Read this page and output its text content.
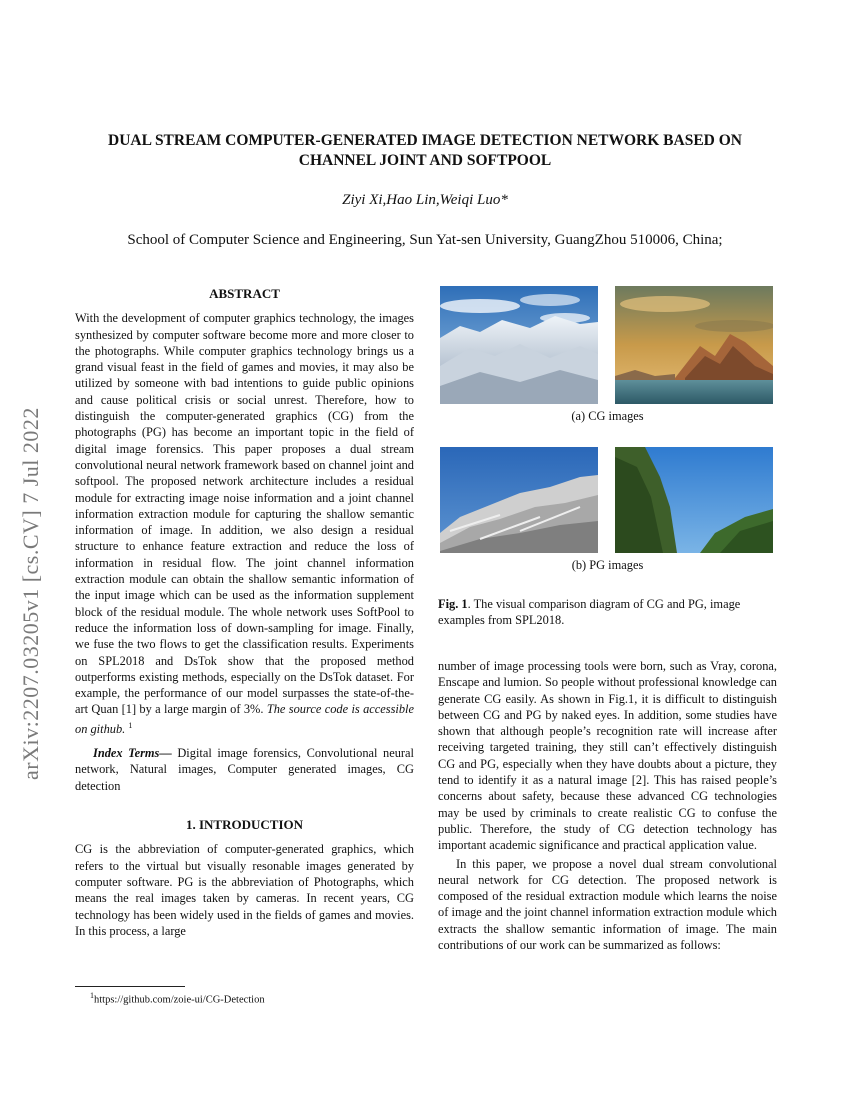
arXiv:2207.03205v1 [cs.CV] 7 Jul 2022
DUAL STREAM COMPUTER-GENERATED IMAGE DETECTION NETWORK BASED ON
CHANNEL JOINT AND SOFTPOOL
Ziyi Xi,Hao Lin,Weiqi Luo*
School of Computer Science and Engineering, Sun Yat-sen University, GuangZhou 510006, China;
ABSTRACT

With the development of computer graphics technology, the images synthesized by computer software become more and more closer to the photographs. While computer graphics technology brings us a grand visual feast in the field of games and movies, it may also be utilized by someone with bad intentions to guide public opinions and cause political crisis or social unrest. Therefore, how to distinguish the computer-generated graphics (CG) from the photographs (PG) has become an important topic in the field of digital image forensics. This paper proposes a dual stream convolutional neural network framework based on channel joint and softpool. The proposed network architecture includes a residual module for extracting image noise information and a joint channel information extraction module for capturing the shallow semantic information of image. In addition, we also design a residual structure to enhance feature extraction and reduce the loss of information in residual flow. The joint channel information extraction module can obtain the shallow semantic information of the input image which can be used as the information supplement block of the residual module. The whole network uses SoftPool to reduce the information loss of down-sampling for image. Finally, we fuse the two flows to get the classification results. Experiments on SPL2018 and DsTok show that the proposed method outperforms existing methods, especially on the DsTok dataset. For example, the performance of our model surpasses the state-of-the-art Quan [1] by a large margin of 3%. The source code is accessible on github. $^1$

Index Terms— Digital image forensics, Convolutional neural network, Natural images, Computer generated images, CG detection

1. INTRODUCTION

CG is the abbreviation of computer-generated graphics, which refers to the virtual but visually resonable images generated by computer software. PG is the abbreviation of Photographs, which means the real images taken by cameras. In recent years, CG technology has been widely used in the fields of games and movies. In this process, a large

$^1$https://github.com/zoie-ui/CG-Detection
(a) CG images
(b) PG images
Fig. 1. The visual comparison diagram of CG and PG, image examples from SPL2018.

number of image processing tools were born, such as Vray, corona, Enscape and lumion. So people without professional knowledge can generate CG easily. As shown in Fig.1, it is difficult to distinguish between CG and PG by naked eyes. In addition, some studies have shown that although people’s recognition rate will increase after receiving targeted training, they still can’t effectively distinguish CG and PG, especially when they have doubts about a picture, they tend to identify it as a natural image [2]. This has raised people’s concerns about safety, because these advanced CG technologies may be used by criminals to create realistic CG to confuse the public. Therefore, the study of CG detection technology has important academic significance and practical application value.

In this paper, we propose a novel dual stream convolutional neural network for CG detection. The proposed network is composed of the residual extraction module which learns the noise of image and the joint channel information extraction module which extracts the shallow semantic information of image. The main contributions of our work can be summarized as follows:
